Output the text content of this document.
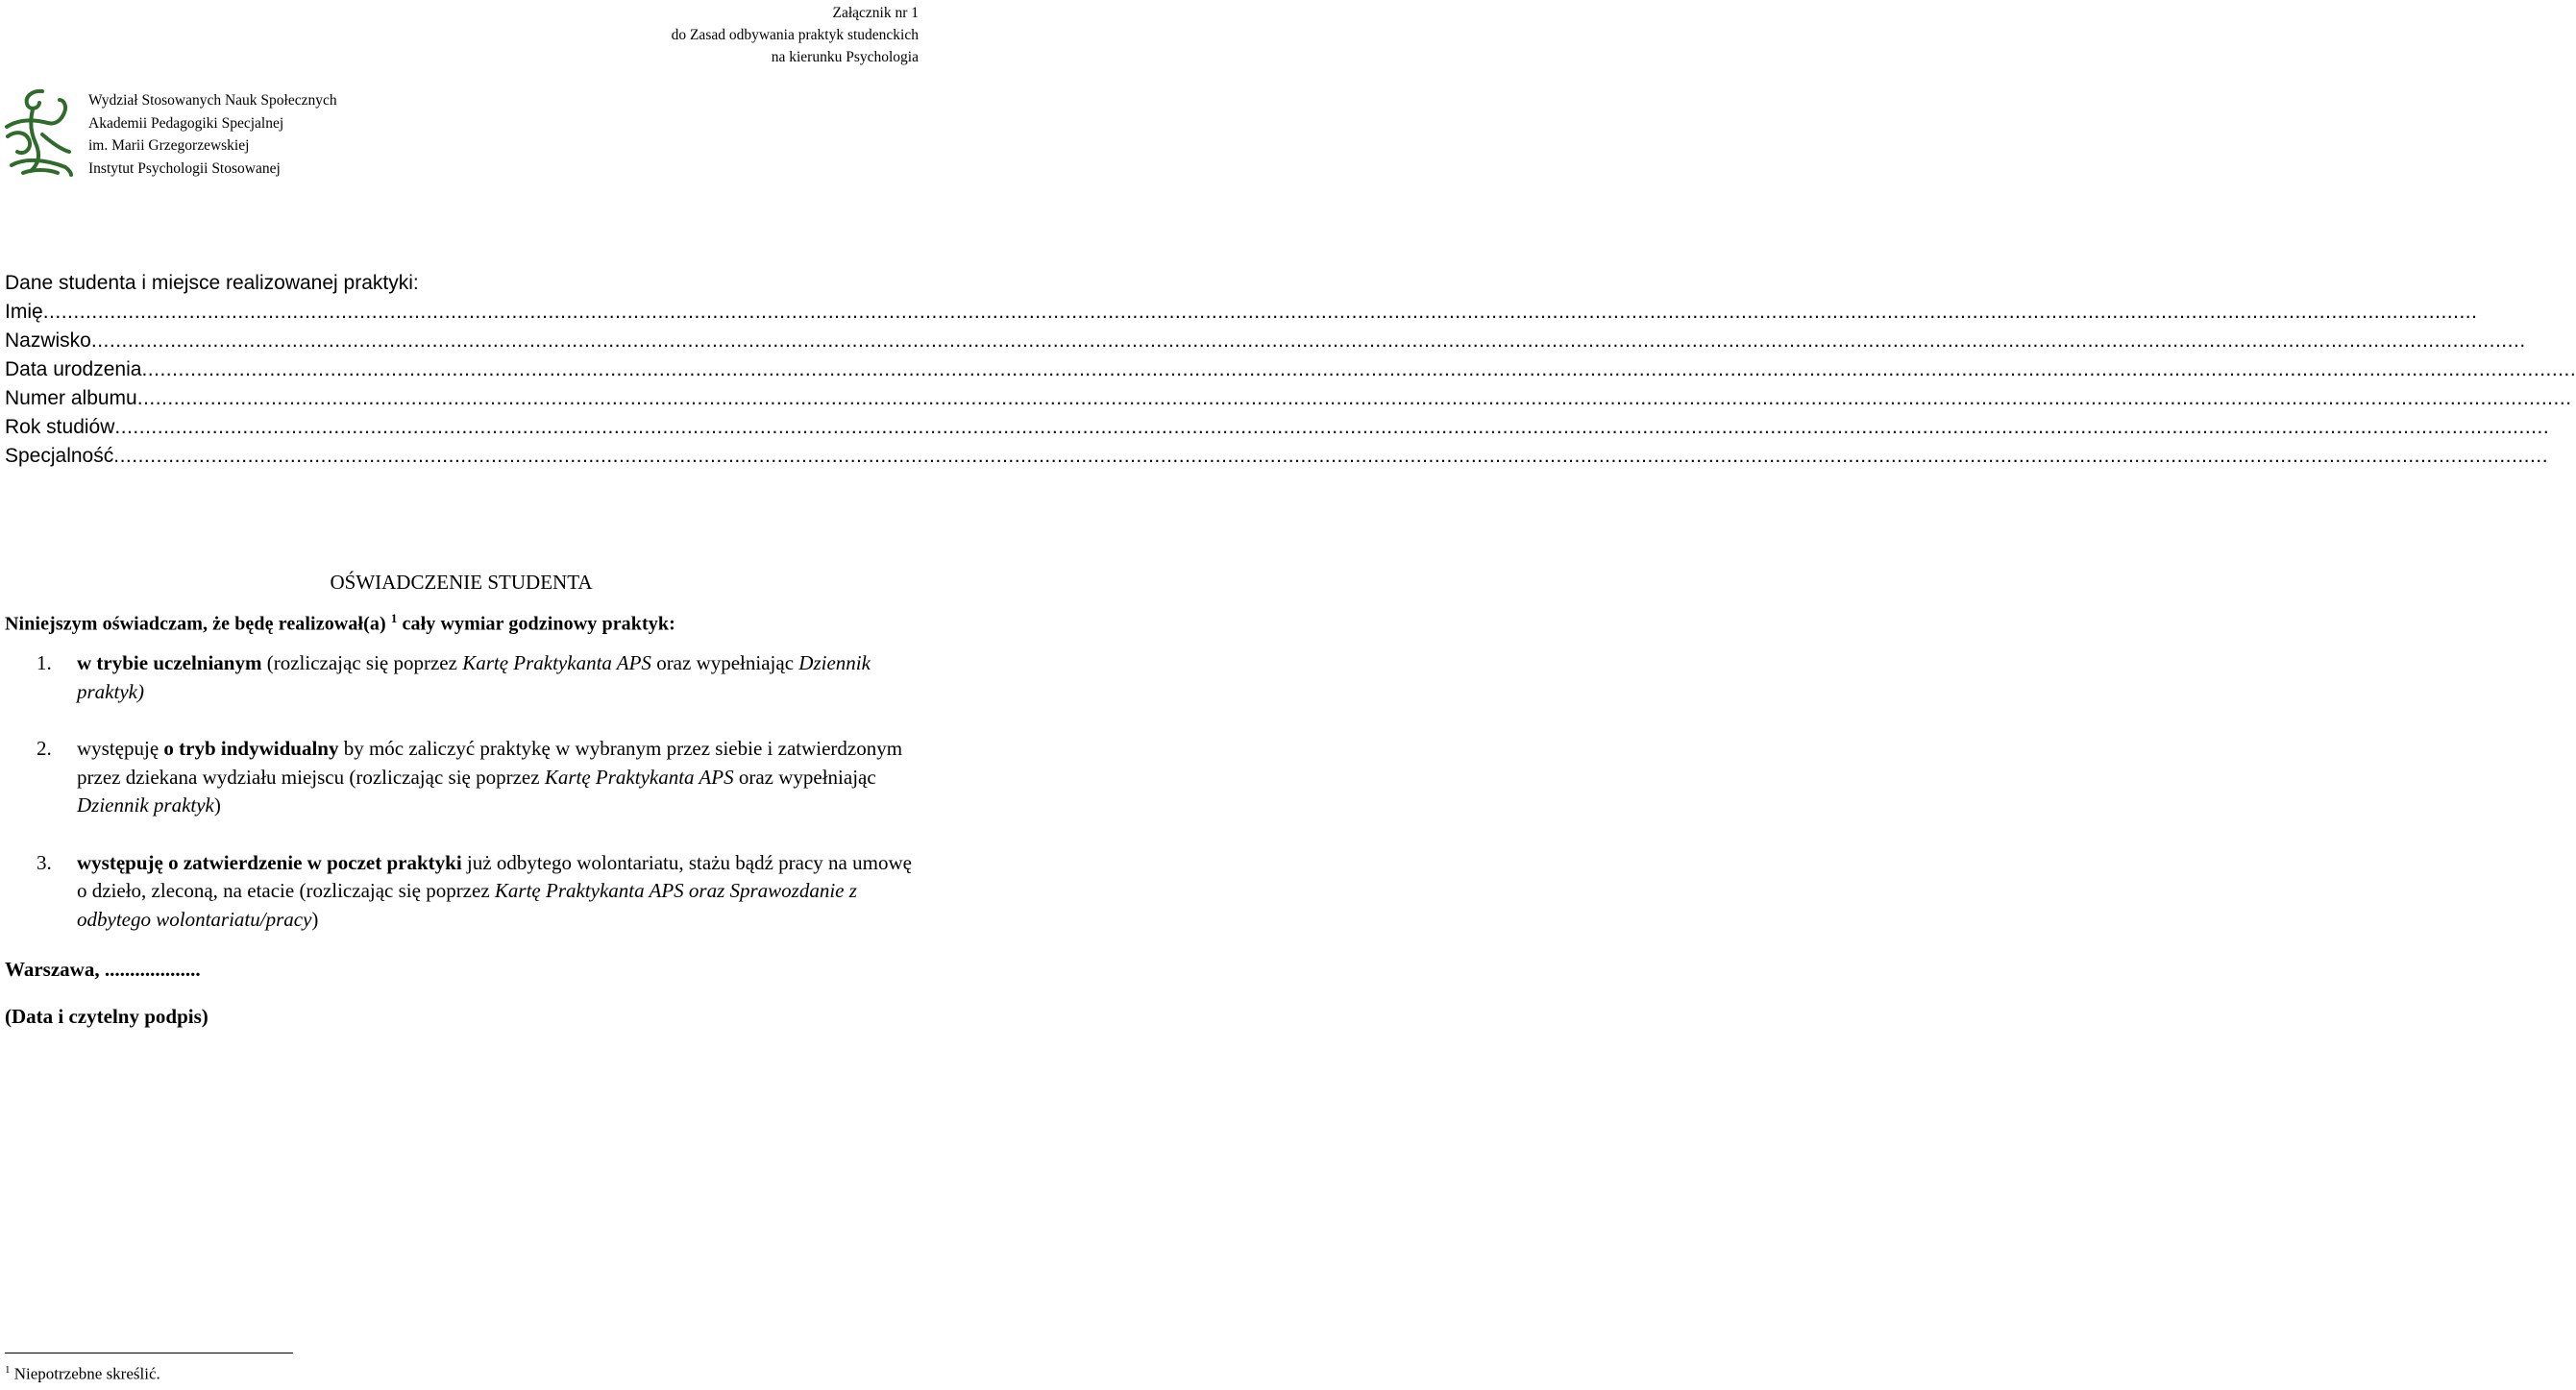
Załącznik nr 1
do Zasad odbywania praktyk studenckich
na kierunku Psychologia
Wydział Stosowanych Nauk Społecznych
Akademii Pedagogiki Specjalnej
im. Marii Grzegorzewskiej
Instytut Psychologii Stosowanej
Dane studenta i miejsce realizowanej praktyki:
Imię ................................................................................................................................................................................................................................................................................................................................................................................................................
Nazwisko ................................................................................................................................................................................................................................................................................................................................................................................................................
Data urodzenia ................................................................................................................................................................................................................................................................................................................................................................................................................
Numer albumu ................................................................................................................................................................................................................................................................................................................................................................................................................
Rok studiów ................................................................................................................................................................................................................................................................................................................................................................................................................
Specjalność ................................................................................................................................................................................................................................................................................................................................................................................................................
OŚWIADCZENIE STUDENTA
Niniejszym oświadczam, że będę realizował(a) $^1$ cały wymiar godzinowy praktyk:
1. w trybie uczelnianym (rozliczając się poprzez Kartę Praktykanta APS oraz wypełniając Dziennik praktyk)
2. występuję o tryb indywidualny by móc zaliczyć praktykę w wybranym przez siebie i zatwierdzonym przez dziekana wydziału miejscu (rozliczając się poprzez Kartę Praktykanta APS oraz wypełniając Dziennik praktyk)
3. występuję o zatwierdzenie w poczet praktyki już odbytego wolontariatu, stażu bądź pracy na umowę o dzieło, zleconą, na etacie (rozliczając się poprzez Kartę Praktykanta APS oraz Sprawozdanie z odbytego wolontariatu/pracy)
Warszawa, ...................
(Data i czytelny podpis)
$^1$ Niepotrzebne skreślić.
